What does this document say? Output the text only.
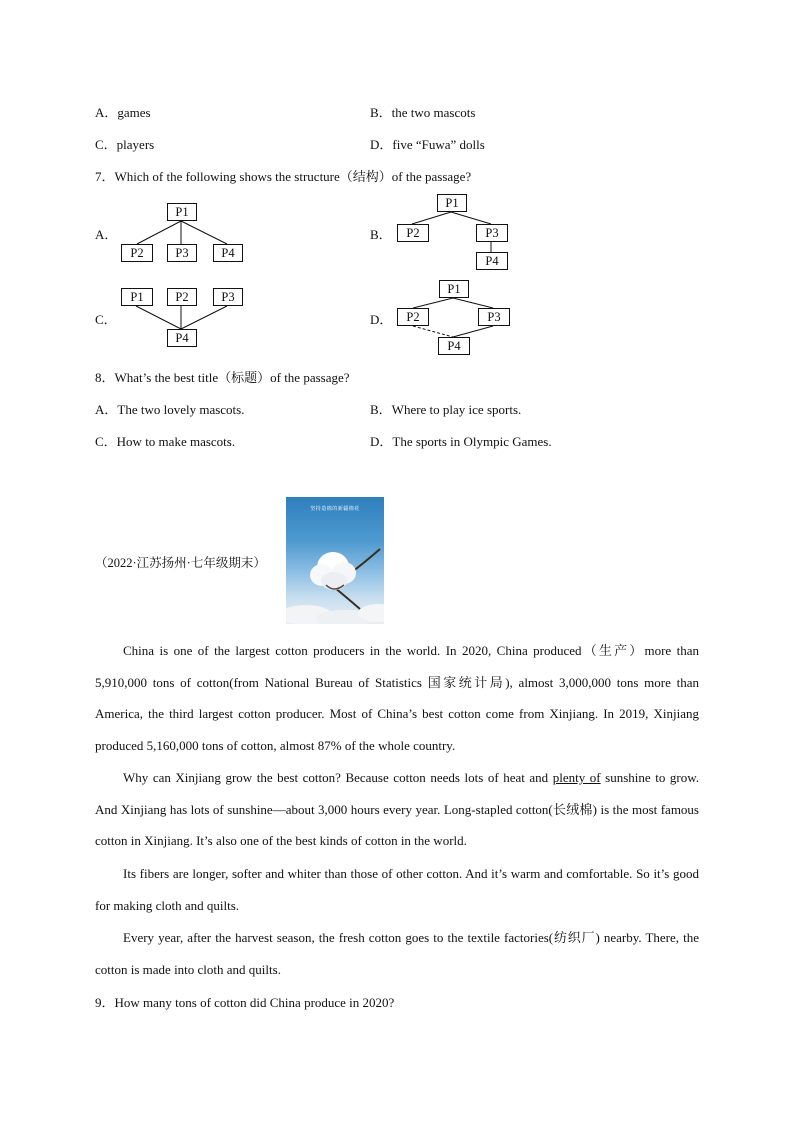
A．games	B．the two mascots
C．players	D．five “Fuwa” dolls
7．Which of the following shows the structure（结构）of the passage?
A．
P1
P2	P3	P4
B．
P1
P2	P3
P4
C．
P1	P2	P3
P4
D．
P1
P2	P3
P4
8．What’s the best title（标题）of the passage?
A．The two lovely mascots.	B．Where to play ice sports.
C．How to make mascots.	D．The sports in Olympic Games.
（2022·江苏扬州·七年级期末）
坚持造棉的新疆棉花
China is one of the largest cotton producers in the world. In 2020, China produced（生产）more than 5,910,000 tons of cotton(from National Bureau of Statistics 国家统计局), almost 3,000,000 tons more than America, the third largest cotton producer. Most of China’s best cotton come from Xinjiang. In 2019, Xinjiang produced 5,160,000 tons of cotton, almost 87% of the whole country.
Why can Xinjiang grow the best cotton? Because cotton needs lots of heat and plenty of sunshine to grow. And Xinjiang has lots of sunshine—about 3,000 hours every year. Long-stapled cotton(长绒棉) is the most famous cotton in Xinjiang. It’s also one of the best kinds of cotton in the world.
Its fibers are longer, softer and whiter than those of other cotton. And it’s warm and comfortable. So it’s good for making cloth and quilts.
Every year, after the harvest season, the fresh cotton goes to the textile factories(纺织厂) nearby. There, the cotton is made into cloth and quilts.
9．How many tons of cotton did China produce in 2020?
